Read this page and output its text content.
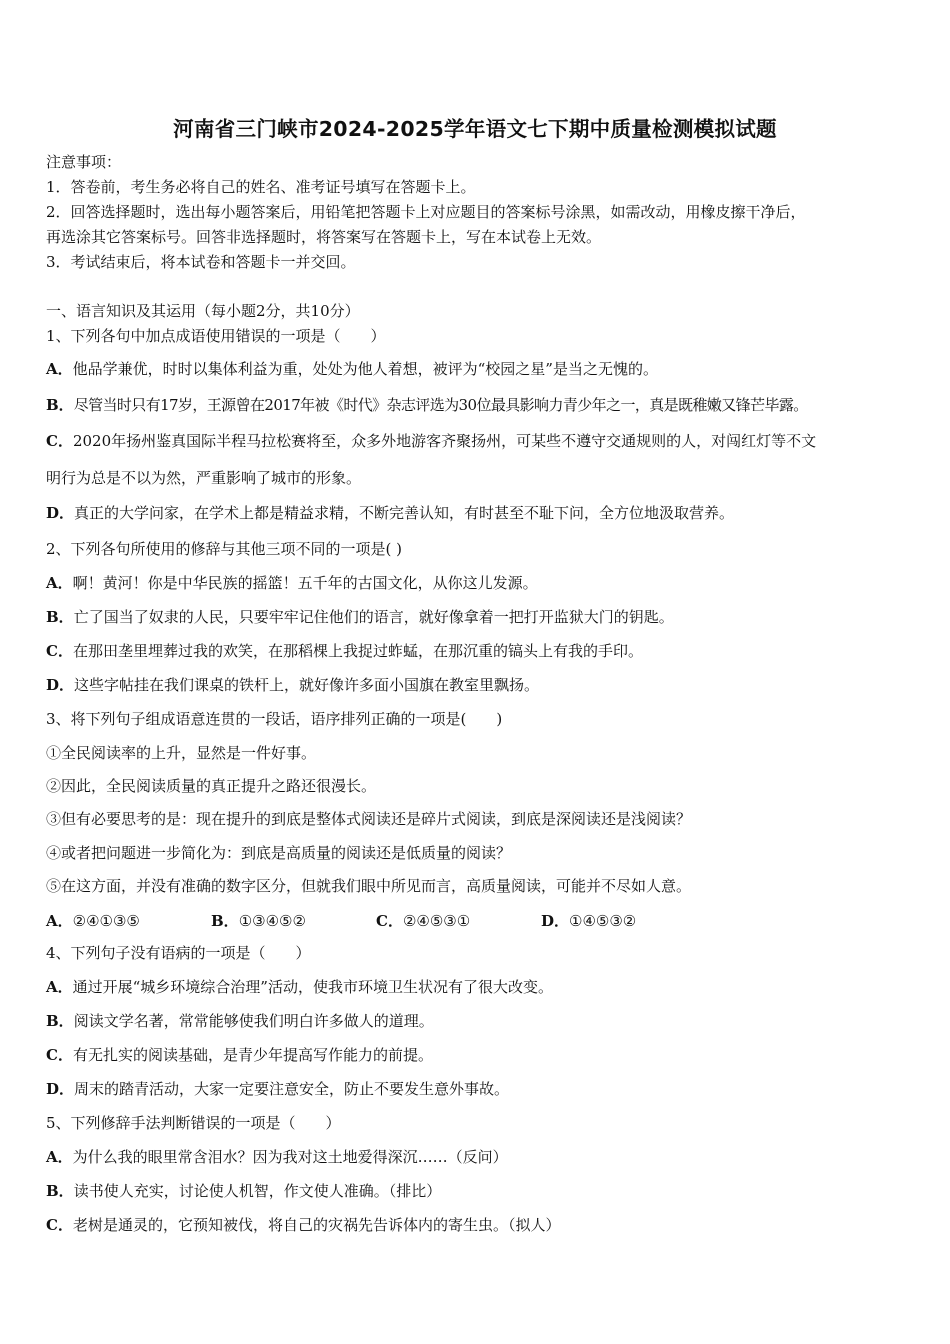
河南省三门峡市2024-2025学年语文七下期中质量检测模拟试题
注意事项：
1．答卷前，考生务必将自己的姓名、准考证号填写在答题卡上。
2．回答选择题时，选出每小题答案后，用铅笔把答题卡上对应题目的答案标号涂黑，如需改动，用橡皮擦干净后，
再选涂其它答案标号。回答非选择题时，将答案写在答题卡上，写在本试卷上无效。
3．考试结束后，将本试卷和答题卡一并交回。
一、语言知识及其运用（每小题2分，共10分）
1、下列各句中加点成语使用错误的一项是（　　）
A．他品学兼优，时时以集体利益为重，处处为他人着想，被评为“校园之星”是当之无愧的。
B．尽管当时只有17岁，王源曾在2017年被《时代》杂志评选为30位最具影响力青少年之一，真是既稚嫩又锋芒毕露。
C．2020年扬州鉴真国际半程马拉松赛将至，众多外地游客齐聚扬州，可某些不遵守交通规则的人，对闯红灯等不文
明行为总是不以为然，严重影响了城市的形象。
D．真正的大学问家，在学术上都是精益求精，不断完善认知，有时甚至不耻下问，全方位地汲取营养。
2、下列各句所使用的修辞与其他三项不同的一项是( )
A．啊！黄河！你是中华民族的摇篮！五千年的古国文化，从你这儿发源。
B．亡了国当了奴隶的人民，只要牢牢记住他们的语言，就好像拿着一把打开监狱大门的钥匙。
C．在那田垄里埋葬过我的欢笑，在那稻棵上我捉过蚱蜢，在那沉重的镐头上有我的手印。
D．这些字帖挂在我们课桌的铁杆上，就好像许多面小国旗在教室里飘扬。
3、将下列句子组成语意连贯的一段话，语序排列正确的一项是(　　)
①全民阅读率的上升，显然是一件好事。
②因此，全民阅读质量的真正提升之路还很漫长。
③但有必要思考的是：现在提升的到底是整体式阅读还是碎片式阅读，到底是深阅读还是浅阅读？
④或者把问题进一步简化为：到底是高质量的阅读还是低质量的阅读？
⑤在这方面，并没有准确的数字区分，但就我们眼中所见而言，高质量阅读，可能并不尽如人意。
A．②④①③⑤	B．①③④⑤②	C．②④⑤③①	D．①④⑤③②
4、下列句子没有语病的一项是（　　）
A．通过开展“城乡环境综合治理”活动，使我市环境卫生状况有了很大改变。
B．阅读文学名著，常常能够使我们明白许多做人的道理。
C．有无扎实的阅读基础，是青少年提高写作能力的前提。
D．周末的踏青活动，大家一定要注意安全，防止不要发生意外事故。
5、下列修辞手法判断错误的一项是（　　）
A．为什么我的眼里常含泪水？因为我对这土地爱得深沉……（反问）
B．读书使人充实，讨论使人机智，作文使人准确。（排比）
C．老树是通灵的，它预知被伐，将自己的灾祸先告诉体内的寄生虫。（拟人）
